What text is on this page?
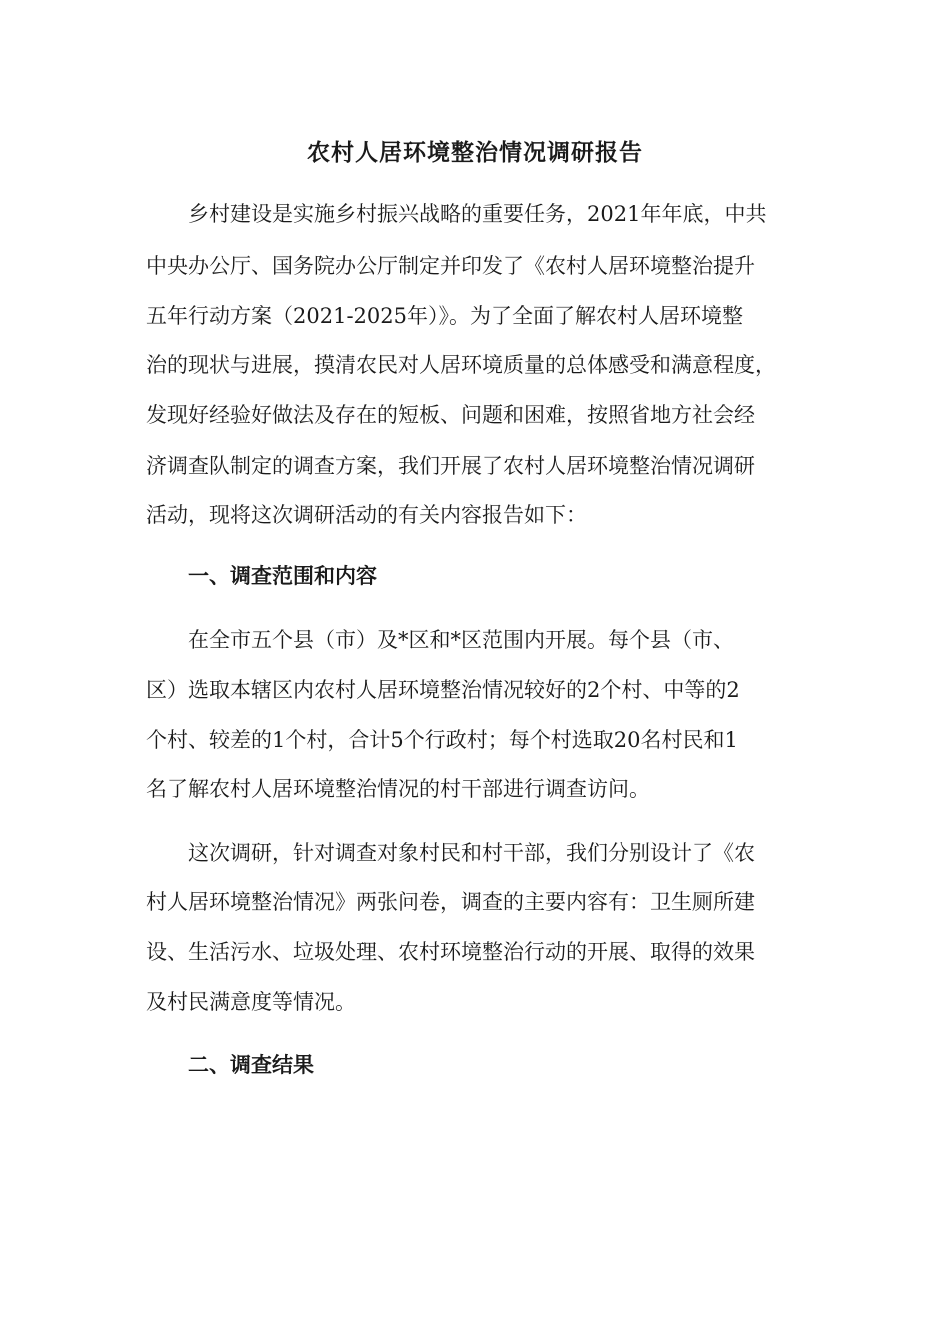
农村人居环境整治情况调研报告

乡村建设是实施乡村振兴战略的重要任务，2021年年底，中共

中央办公厅、国务院办公厅制定并印发了《农村人居环境整治提升

五年行动方案（2021-2025年）》。为了全面了解农村人居环境整

治的现状与进展，摸清农民对人居环境质量的总体感受和满意程度，

发现好经验好做法及存在的短板、问题和困难，按照省地方社会经

济调查队制定的调查方案，我们开展了农村人居环境整治情况调研

活动，现将这次调研活动的有关内容报告如下：

一、调查范围和内容

在全市五个县（市）及*区和*区范围内开展。每个县（市、

区）选取本辖区内农村人居环境整治情况较好的2个村、中等的2

个村、较差的1个村，合计5个行政村；每个村选取20名村民和1

名了解农村人居环境整治情况的村干部进行调查访问。

这次调研，针对调查对象村民和村干部，我们分别设计了《农

村人居环境整治情况》两张问卷，调查的主要内容有：卫生厕所建

设、生活污水、垃圾处理、农村环境整治行动的开展、取得的效果

及村民满意度等情况。

二、调查结果
